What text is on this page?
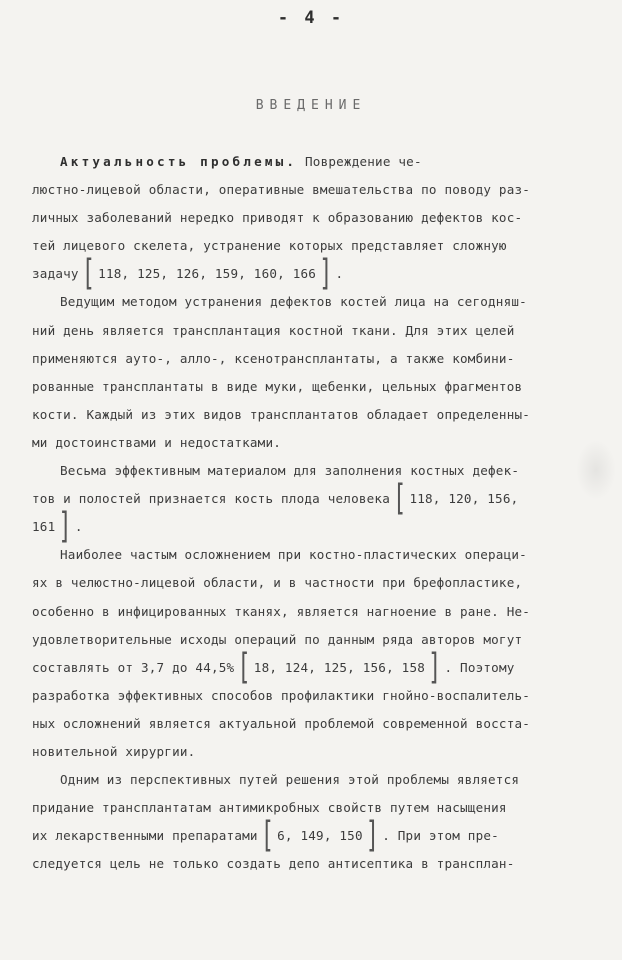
- 4 -
ВВЕДЕНИЕ
Актуальность проблемы. Повреждение че-
люстно-лицевой области, оперативные вмешательства по поводу раз-
личных заболеваний нередко приводят к образованию дефектов кос-
тей лицевого скелета, устранение которых представляет сложную
задачу [ 118, 125, 126, 159, 160, 166 ] .
Ведущим методом устранения дефектов костей лица на сегодняш-
ний день является трансплантация костной ткани. Для этих целей
применяются ауто-, алло-, ксенотрансплантаты, а также комбини-
рованные трансплантаты в виде муки, щебенки, цельных фрагментов
кости. Каждый из этих видов трансплантатов обладает определенны-
ми достоинствами и недостатками.
Весьма эффективным материалом для заполнения костных дефек-
тов и полостей признается кость плода человека [ 118, 120, 156,
161 ] .
Наиболее частым осложнением при костно-пластических операци-
ях в челюстно-лицевой области, и в частности при брефопластике,
особенно в инфицированных тканях, является нагноение в ране. Не-
удовлетворительные исходы операций по данным ряда авторов могут
составлять от 3,7 до 44,5% [ 18, 124, 125, 156, 158 ] . Поэтому
разработка эффективных способов профилактики гнойно-воспалитель-
ных осложнений является актуальной проблемой современной восста-
новительной хирургии.
Одним из перспективных путей решения этой проблемы является
придание трансплантатам антимикробных свойств путем насыщения
их лекарственными препаратами [ 6, 149, 150 ] . При этом пре-
следуется цель не только создать депо антисептика в трансплан-
